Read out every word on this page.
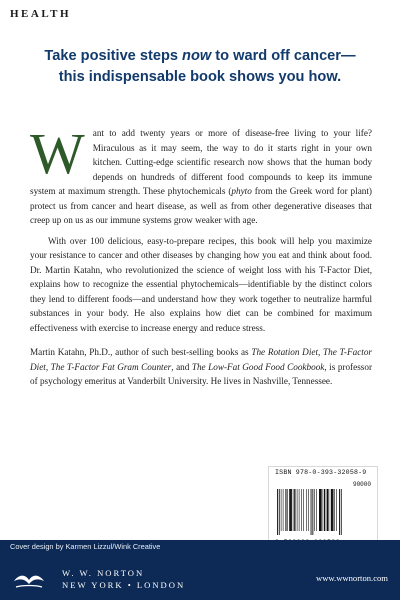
HEALTH
Take positive steps now to ward off cancer—
this indispensable book shows you how.

Want to add twenty years or more of disease-free living to your life? Miraculous as it may seem, the way to do it starts right in your own kitchen. Cutting-edge scientific research now shows that the human body depends on hundreds of different food compounds to keep its immune system at maximum strength. These phytochemicals (phyto from the Greek word for plant) protect us from cancer and heart disease, as well as from other degenerative diseases that creep up on us as our immune systems grow weaker with age.

With over 100 delicious, easy-to-prepare recipes, this book will help you maximize your resistance to cancer and other diseases by changing how you eat and think about food. Dr. Martin Katahn, who revolutionized the science of weight loss with his T-Factor Diet, explains how to recognize the essential phytochemicals—identifiable by the distinct colors they lend to different foods—and understand how they work together to neutralize harmful substances in your body. He also explains how diet can be combined for maximum effectiveness with exercise to increase energy and reduce stress.

Martin Katahn, Ph.D., author of such best-selling books as The Rotation Diet, The T-Factor Diet, The T-Factor Fat Gram Counter, and The Low-Fat Good Food Cookbook, is professor of psychology emeritus at Vanderbilt University. He lives in Nashville, Tennessee.

ISBN 978-0-393-32058-9
90000
Cover design by Karmen Lizzul/Wink Creative
W. W. NORTON
NEW YORK • LONDON
www.wwnorton.com
